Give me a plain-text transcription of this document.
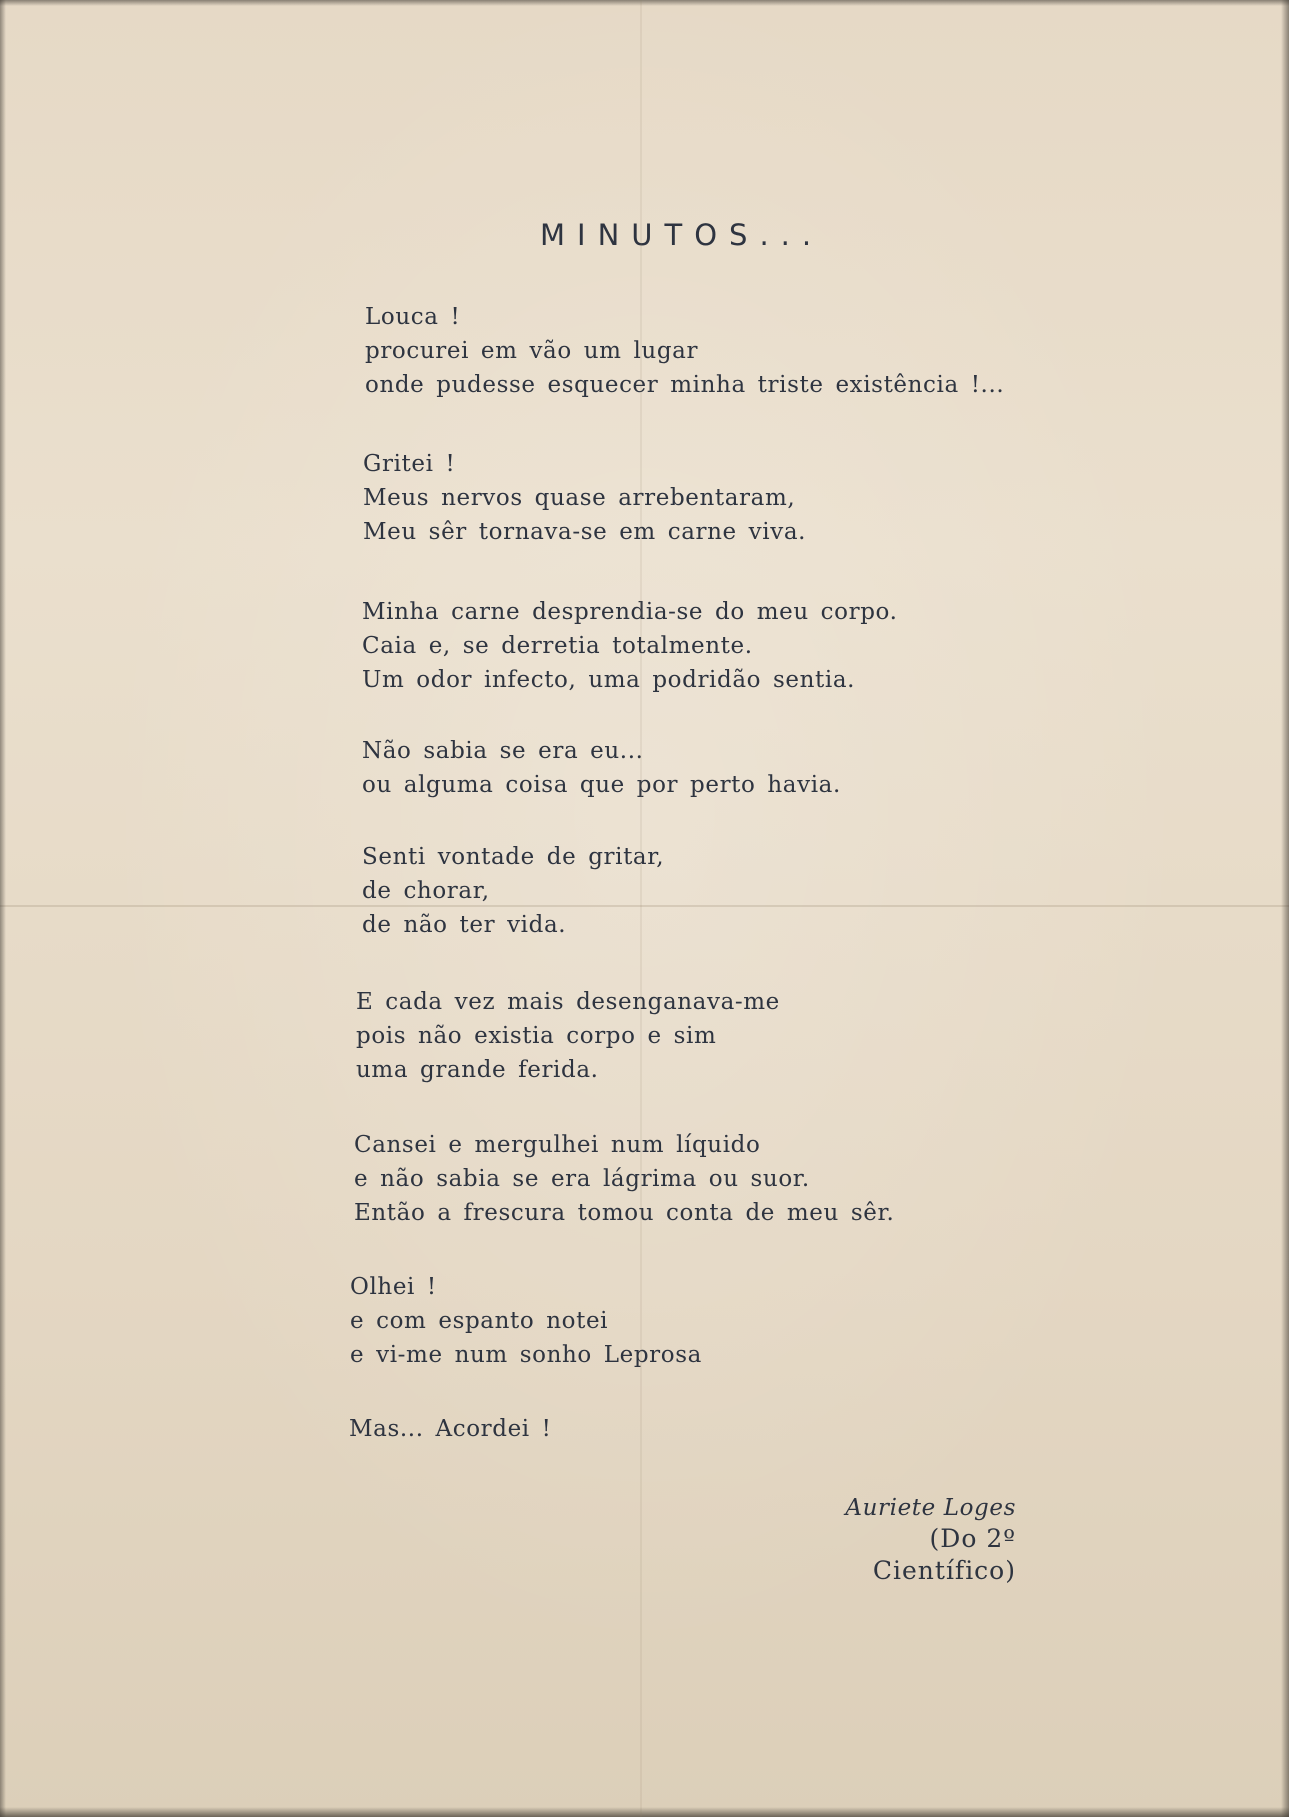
MINUTOS...
Louca !
procurei em vão um lugar
onde pudesse esquecer minha triste existência !...
Gritei !
Meus nervos quase arrebentaram,
Meu sêr tornava-se em carne viva.
Minha carne desprendia-se do meu corpo.
Caia e, se derretia totalmente.
Um odor infecto, uma podridão sentia.
Não sabia se era eu...
ou alguma coisa que por perto havia.
Senti vontade de gritar,
de chorar,
de não ter vida.
E cada vez mais desenganava-me
pois não existia corpo e sim
uma grande ferida.
Cansei e mergulhei num líquido
e não sabia se era lágrima ou suor.
Então a frescura tomou conta de meu sêr.
Olhei !
e com espanto notei
e vi-me num sonho Leprosa
Mas... Acordei !
Auriete Loges
(Do 2º Científico)
